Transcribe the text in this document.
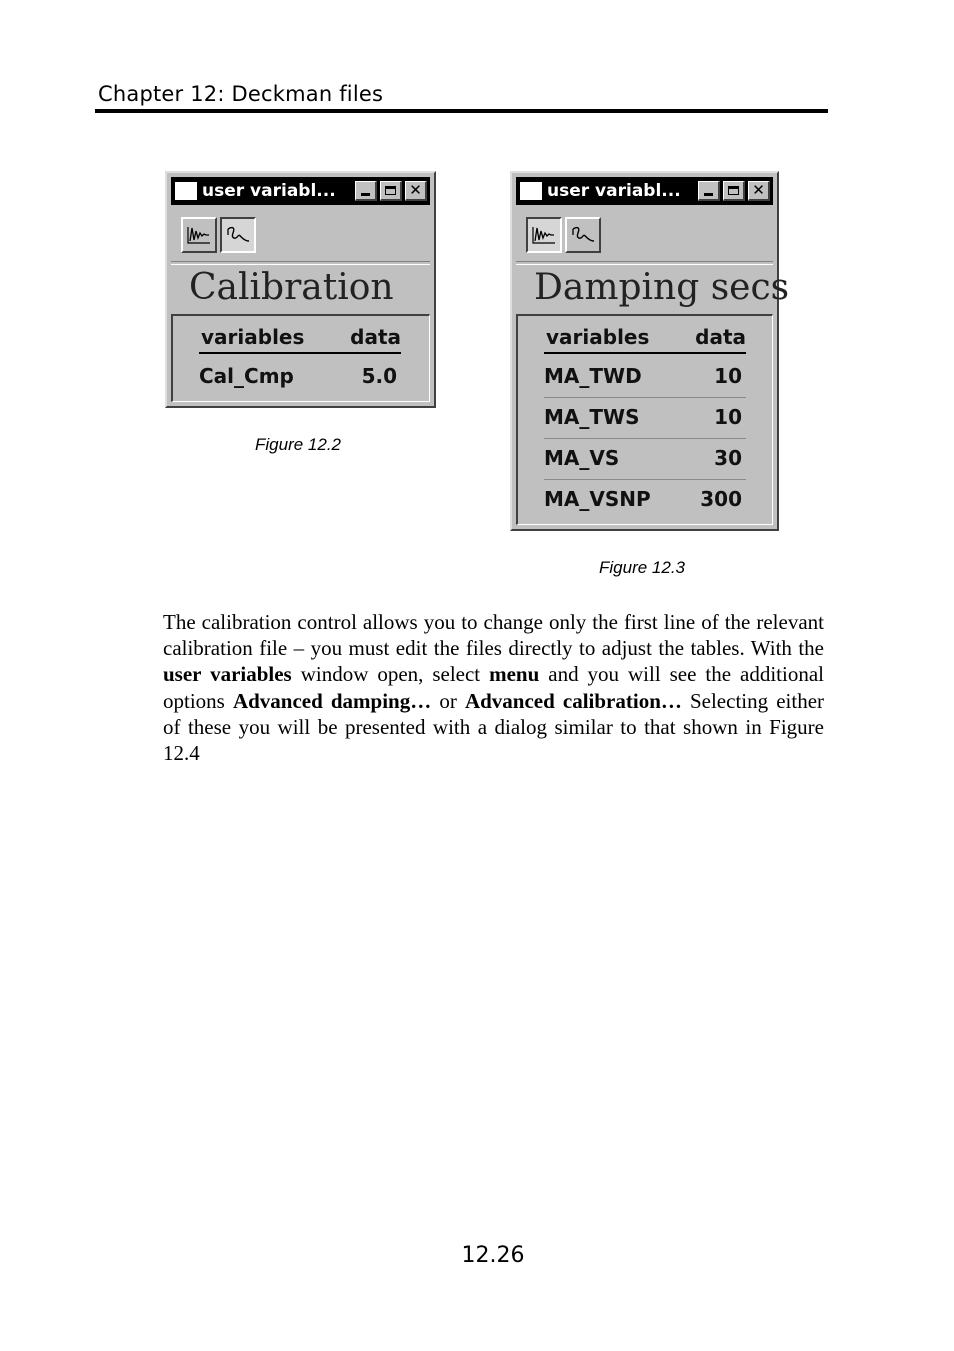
Chapter 12: Deckman files
user variabl...	✕
Calibration
variables data
Cal_Cmp	5.0
Figure 12.2
user variabl...	✕
Damping secs
variables data
MA_TWD	10
MA_TWS	10
MA_VS	30
MA_VSNP 300
Figure 12.3

The calibration control allows you to change only the first line of the relevant calibration file – you must edit the files directly to adjust the tables. With the user variables window open, select menu and you will see the additional options Advanced damping… or Advanced calibration… Selecting either of these you will be presented with a dialog similar to that shown in Figure 12.4

12.26
